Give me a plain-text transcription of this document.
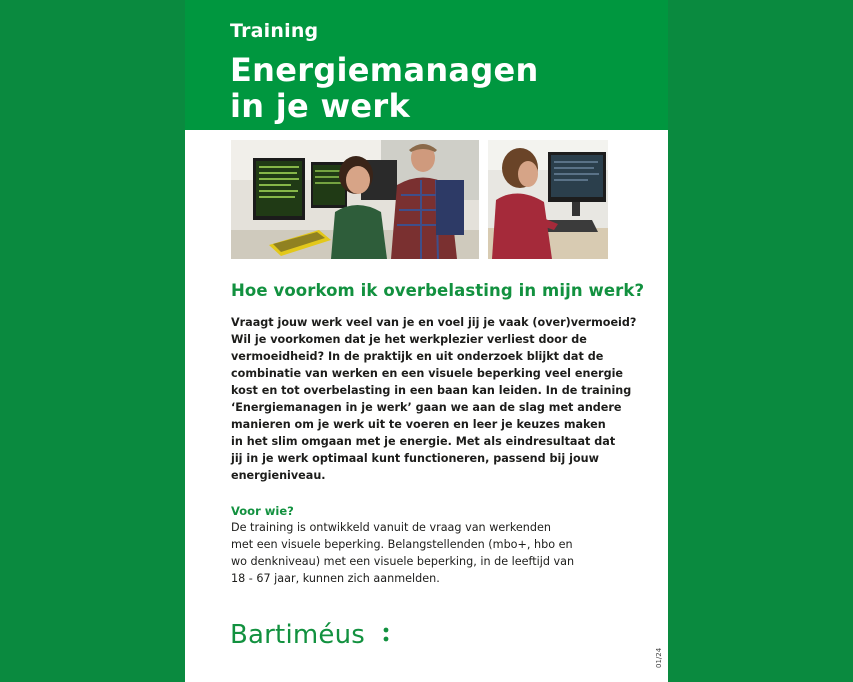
Training
Energiemanagen
in je werk
Hoe voorkom ik overbelasting in mijn werk?
Vraagt jouw werk veel van je en voel jij je vaak (over)vermoeid?
Wil je voorkomen dat je het werkplezier verliest door de
vermoeidheid? In de praktijk en uit onderzoek blijkt dat de
combinatie van werken en een visuele beperking veel energie
kost en tot overbelasting in een baan kan leiden. In de training
‘Energiemanagen in je werk’ gaan we aan de slag met andere
manieren om je werk uit te voeren en leer je keuzes maken
in het slim omgaan met je energie. Met als eindresultaat dat
jij in je werk optimaal kunt functioneren, passend bij jouw
energieniveau.
Voor wie?
De training is ontwikkeld vanuit de vraag van werkenden
met een visuele beperking. Belangstellenden (mbo+, hbo en
wo denkniveau) met een visuele beperking, in de leeftijd van
18 - 67 jaar, kunnen zich aanmelden.
Bartiméus
01/24
